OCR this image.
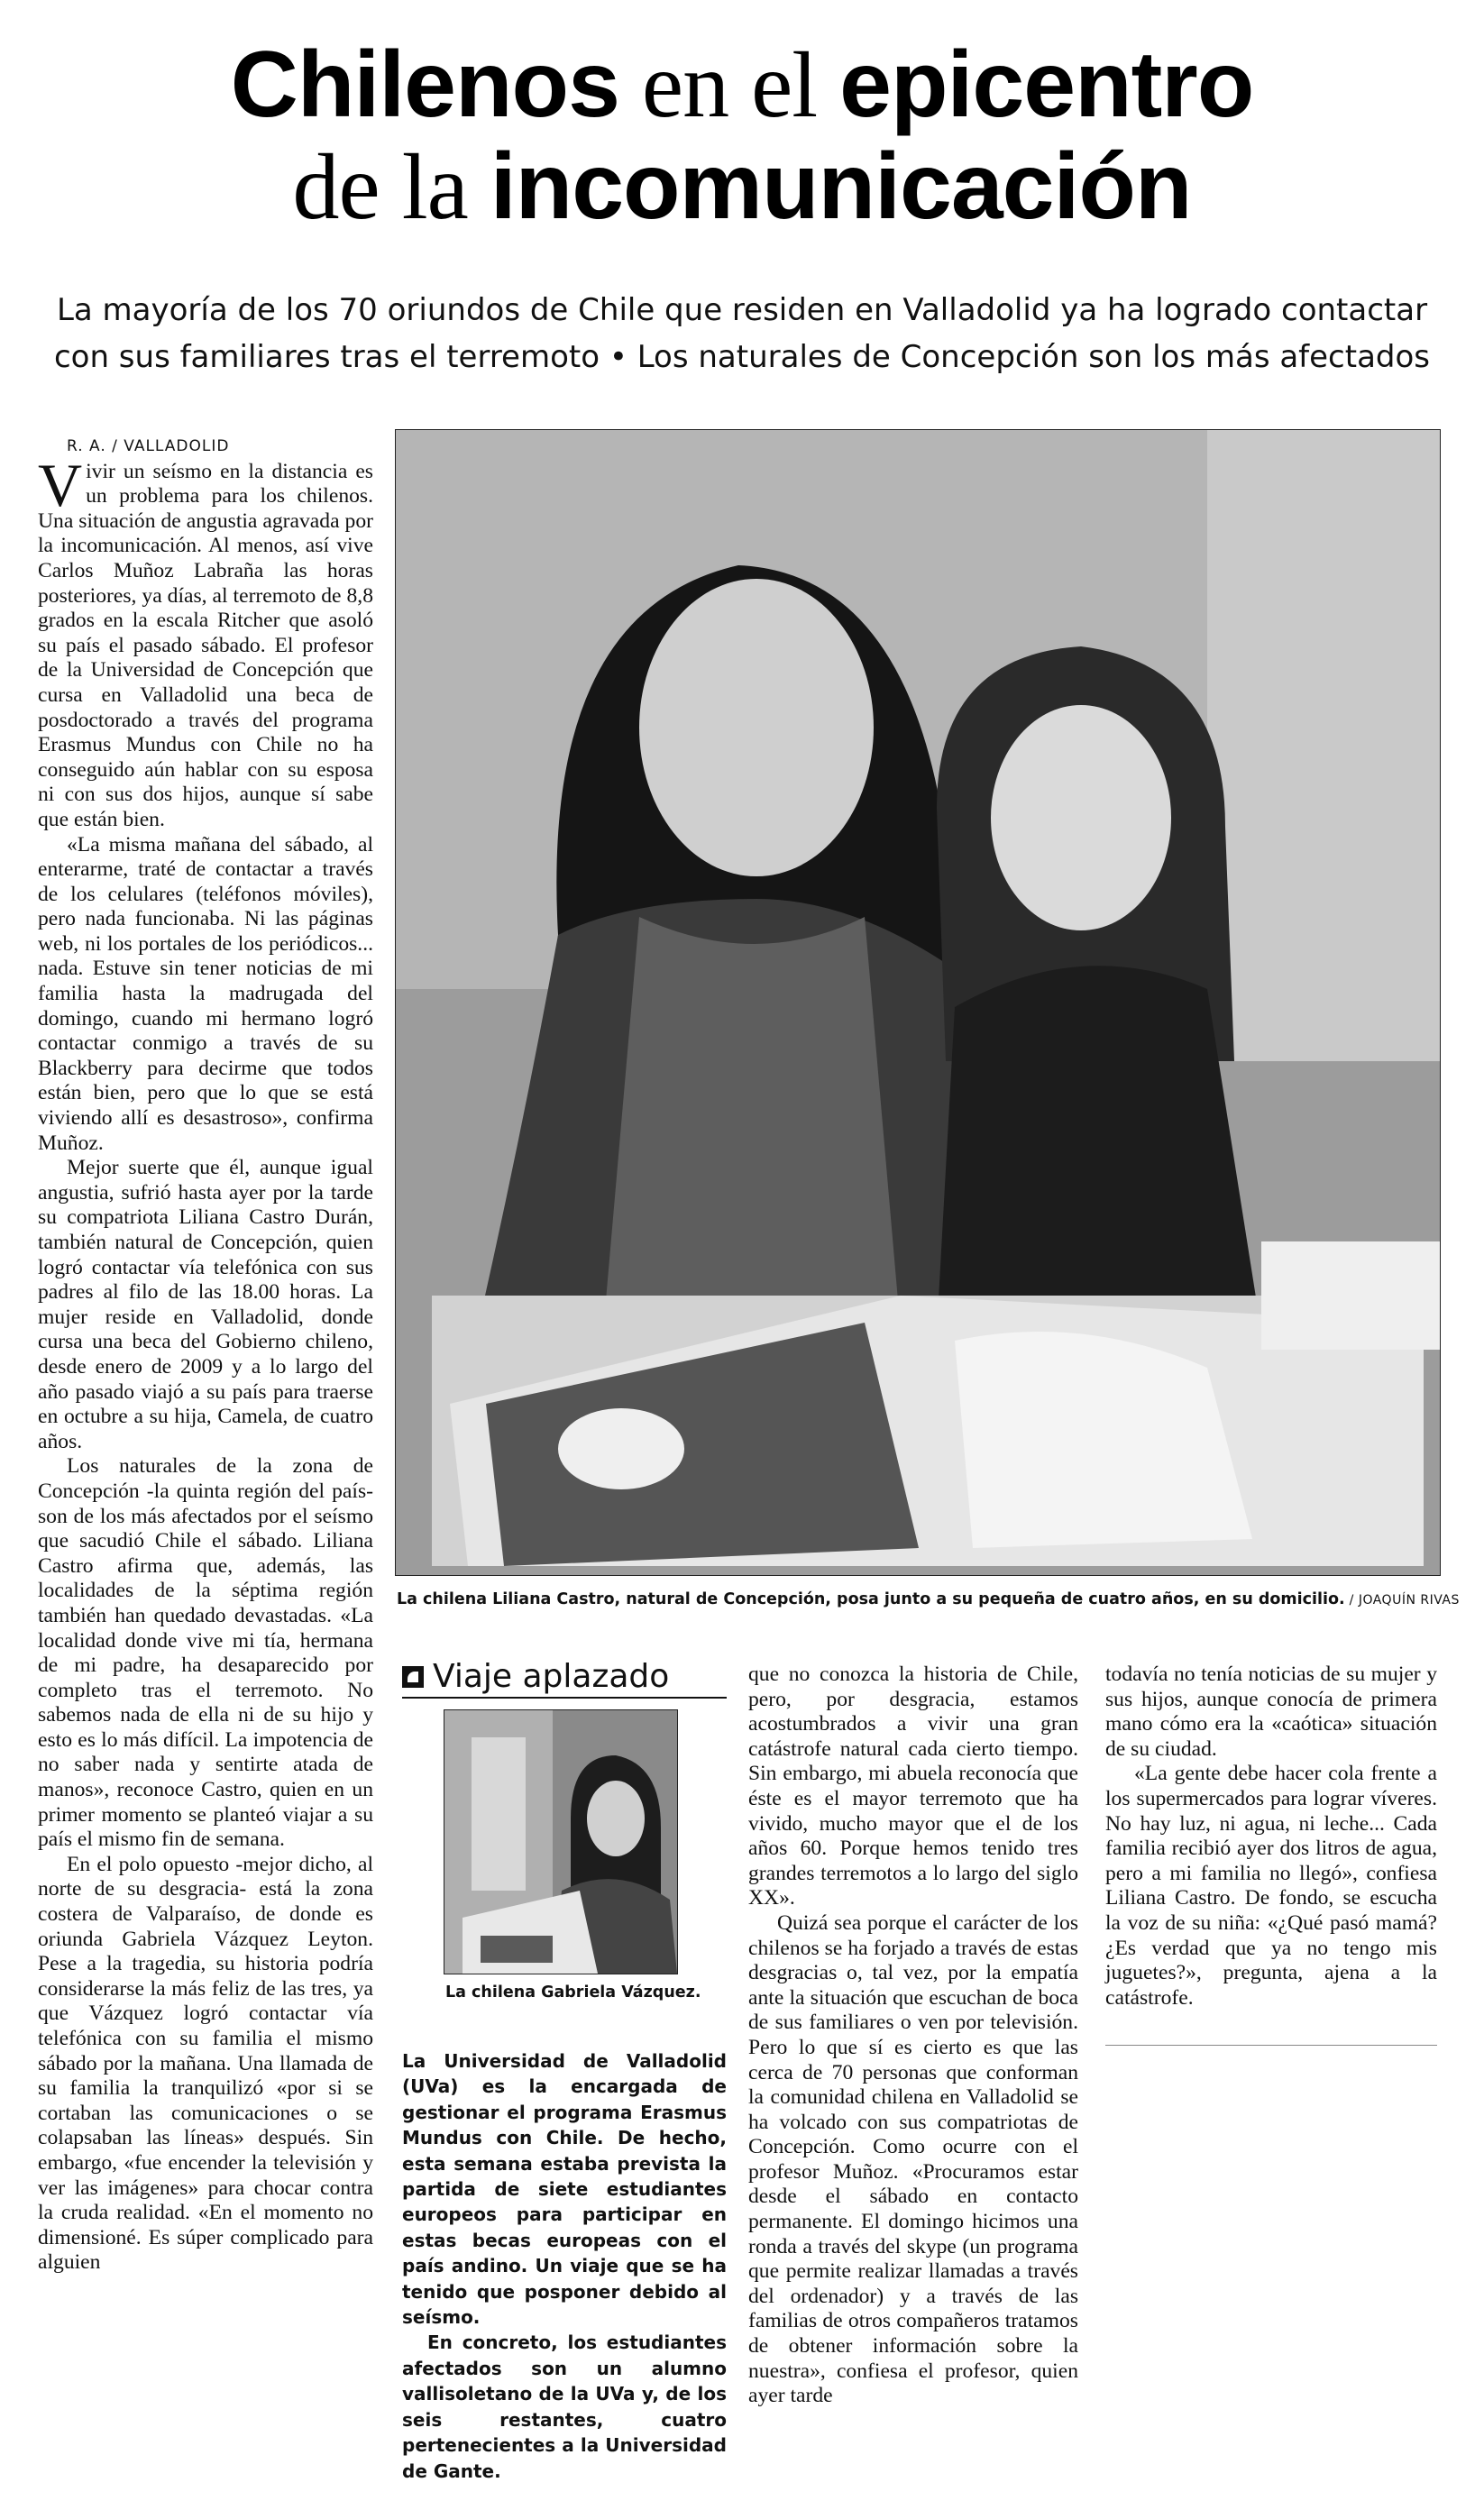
Chilenos en el epicentro
de la incomunicación
La mayoría de los 70 oriundos de Chile que residen en Valladolid ya ha logrado contactar
con sus familiares tras el terremoto • Los naturales de Concepción son los más afectados

R. A. / VALLADOLID

Vivir un seísmo en la distancia es un problema para los chilenos. Una situación de angustia agravada por la incomunicación. Al menos, así vive Carlos Muñoz Labraña las horas posteriores, ya días, al terremoto de 8,8 grados en la escala Ritcher que asoló su país el pasado sábado. El profesor de la Universidad de Concepción que cursa en Valladolid una beca de posdoctorado a través del programa Erasmus Mundus con Chile no ha conseguido aún hablar con su esposa ni con sus dos hijos, aunque sí sabe que están bien.

«La misma mañana del sábado, al enterarme, traté de contactar a través de los celulares (teléfonos móviles), pero nada funcionaba. Ni las páginas web, ni los portales de los periódicos... nada. Estuve sin tener noticias de mi familia hasta la madrugada del domingo, cuando mi hermano logró contactar conmigo a través de su Blackberry para decirme que todos están bien, pero que lo que se está viviendo allí es desastroso», confirma Muñoz.

Mejor suerte que él, aunque igual angustia, sufrió hasta ayer por la tarde su compatriota Liliana Castro Durán, también natural de Concepción, quien logró contactar vía telefónica con sus padres al filo de las 18.00 horas. La mujer reside en Valladolid, donde cursa una beca del Gobierno chileno, desde enero de 2009 y a lo largo del año pasado viajó a su país para traerse en octubre a su hija, Camela, de cuatro años.

Los naturales de la zona de Concepción -la quinta región del país- son de los más afectados por el seísmo que sacudió Chile el sábado. Liliana Castro afirma que, además, las localidades de la séptima región también han quedado devastadas. «La localidad donde vive mi tía, hermana de mi padre, ha desaparecido por completo tras el terremoto. No sabemos nada de ella ni de su hijo y esto es lo más difícil. La impotencia de no saber nada y sentirte atada de manos», reconoce Castro, quien en un primer momento se planteó viajar a su país el mismo fin de semana.

En el polo opuesto -mejor dicho, al norte de su desgracia- está la zona costera de Valparaíso, de donde es oriunda Gabriela Vázquez Leyton. Pese a la tragedia, su historia podría considerarse la más feliz de las tres, ya que Vázquez logró contactar vía telefónica con su familia el mismo sábado por la mañana. Una llamada de su familia la tranquilizó «por si se cortaban las comunicaciones o se colapsaban las líneas» después. Sin embargo, «fue encender la televisión y ver las imágenes» para chocar contra la cruda realidad. «En el momento no dimensioné. Es súper complicado para alguien

La chilena Liliana Castro, natural de Concepción, posa junto a su pequeña de cuatro años, en su domicilio. / JOAQUÍN RIVAS
Viaje aplazado
La chilena Gabriela Vázquez.

La Universidad de Valladolid (UVa) es la encargada de gestionar el programa Erasmus Mundus con Chile. De hecho, esta semana estaba prevista la partida de siete estudiantes europeos para participar en estas becas europeas con el país andino. Un viaje que se ha tenido que posponer debido al seísmo.

En concreto, los estudiantes afectados son un alumno vallisoletano de la UVa y, de los seis restantes, cuatro pertenecientes a la Universidad de Gante.

que no conozca la historia de Chile, pero, por desgracia, estamos acostumbrados a vivir una gran catástrofe natural cada cierto tiempo. Sin embargo, mi abuela reconocía que éste es el mayor terremoto que ha vivido, mucho mayor que el de los años 60. Porque hemos tenido tres grandes terremotos a lo largo del siglo XX».

Quizá sea porque el carácter de los chilenos se ha forjado a través de estas desgracias o, tal vez, por la empatía ante la situación que escuchan de boca de sus familiares o ven por televisión. Pero lo que sí es cierto es que las cerca de 70 personas que conforman la comunidad chilena en Valladolid se ha volcado con sus compatriotas de Concepción. Como ocurre con el profesor Muñoz. «Procuramos estar desde el sábado en contacto permanente. El domingo hicimos una ronda a través del skype (un programa que permite realizar llamadas a través del ordenador) y a través de las familias de otros compañeros tratamos de obtener información sobre la nuestra», confiesa el profesor, quien ayer tarde

todavía no tenía noticias de su mujer y sus hijos, aunque conocía de primera mano cómo era la «caótica» situación de su ciudad.

«La gente debe hacer cola frente a los supermercados para lograr víveres. No hay luz, ni agua, ni leche... Cada familia recibió ayer dos litros de agua, pero a mi familia no llegó», confiesa Liliana Castro. De fondo, se escucha la voz de su niña: «¿Qué pasó mamá? ¿Es verdad que ya no tengo mis juguetes?», pregunta, ajena a la catástrofe.
